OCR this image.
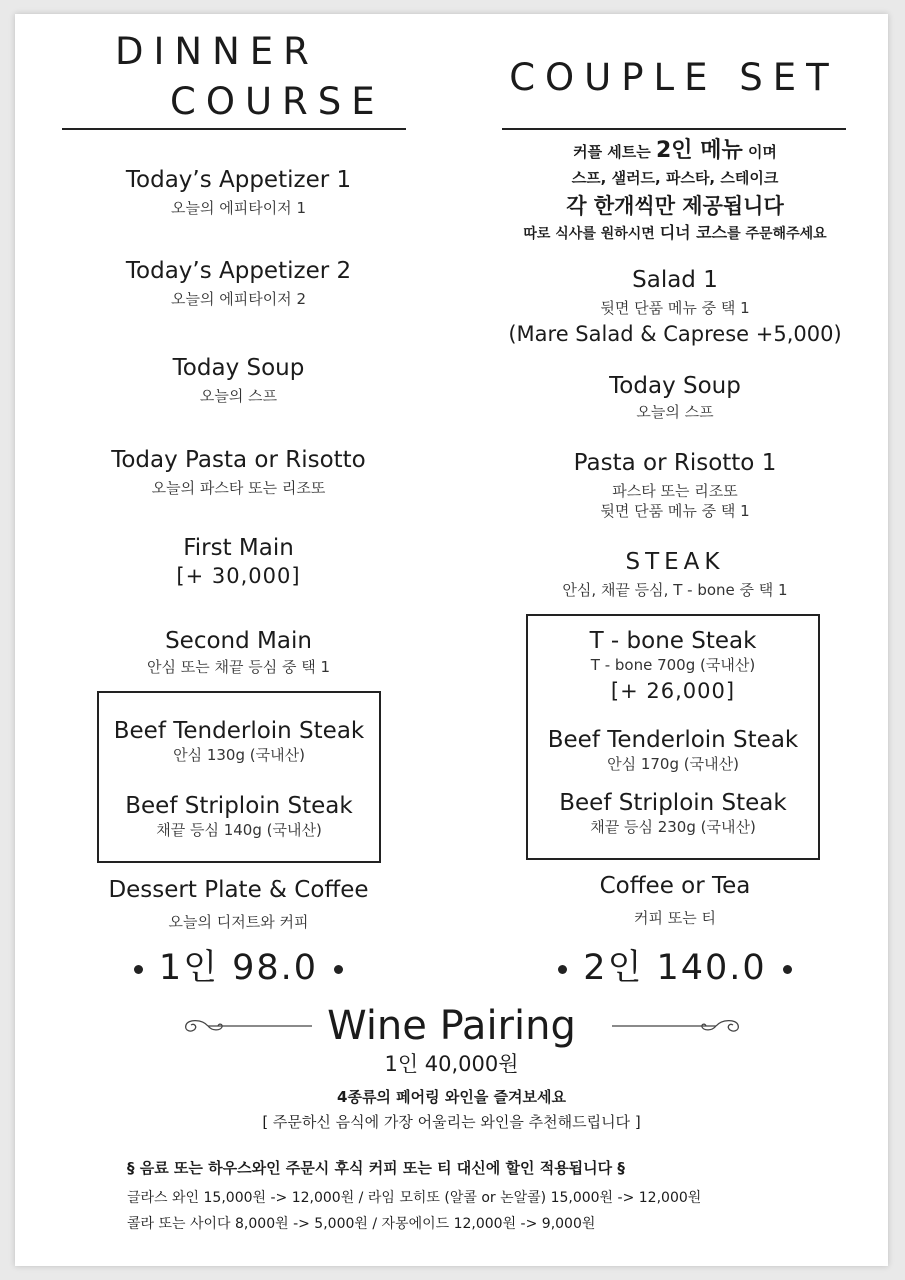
DINNER
COURSE
Today’s Appetizer 1
오늘의 에피타이저 1
Today’s Appetizer 2
오늘의 에피타이저 2
Today Soup
오늘의 스프
Today Pasta or Risotto
오늘의 파스타 또는 리조또
First Main
[+ 30,000]
Second Main
안심 또는 채끝 등심 중 택 1
Beef Tenderloin Steak
안심 130g (국내산)
Beef Striploin Steak
채끝 등심 140g (국내산)
Dessert Plate & Coffee
오늘의 디저트와 커피
1인 98.0
COUPLE SET
커플 세트는 2인 메뉴 이며
스프, 샐러드, 파스타, 스테이크
각 한개씩만 제공됩니다
따로 식사를 원하시면 디너 코스를 주문해주세요
Salad 1
뒷면 단품 메뉴 중 택 1
(Mare Salad & Caprese +5,000)
Today Soup
오늘의 스프
Pasta or Risotto 1
파스타 또는 리조또
뒷면 단품 메뉴 중 택 1
STEAK
안심, 채끝 등심, T - bone 중 택 1
T - bone Steak
T - bone 700g (국내산)
[+ 26,000]
Beef Tenderloin Steak
안심 170g (국내산)
Beef Striploin Steak
채끝 등심 230g (국내산)
Coffee or Tea
커피 또는 티
2인 140.0
Wine Pairing
1인 40,000원
4종류의 페어링 와인을 즐겨보세요
[ 주문하신 음식에 가장 어울리는 와인을 추천해드립니다 ]
§ 음료 또는 하우스와인 주문시 후식 커피 또는 티 대신에 할인 적용됩니다 §
글라스 와인 15,000원 -> 12,000원 / 라임 모히또 (알콜 or 논알콜) 15,000원 -> 12,000원
콜라 또는 사이다 8,000원 -> 5,000원 / 자몽에이드 12,000원 -> 9,000원
